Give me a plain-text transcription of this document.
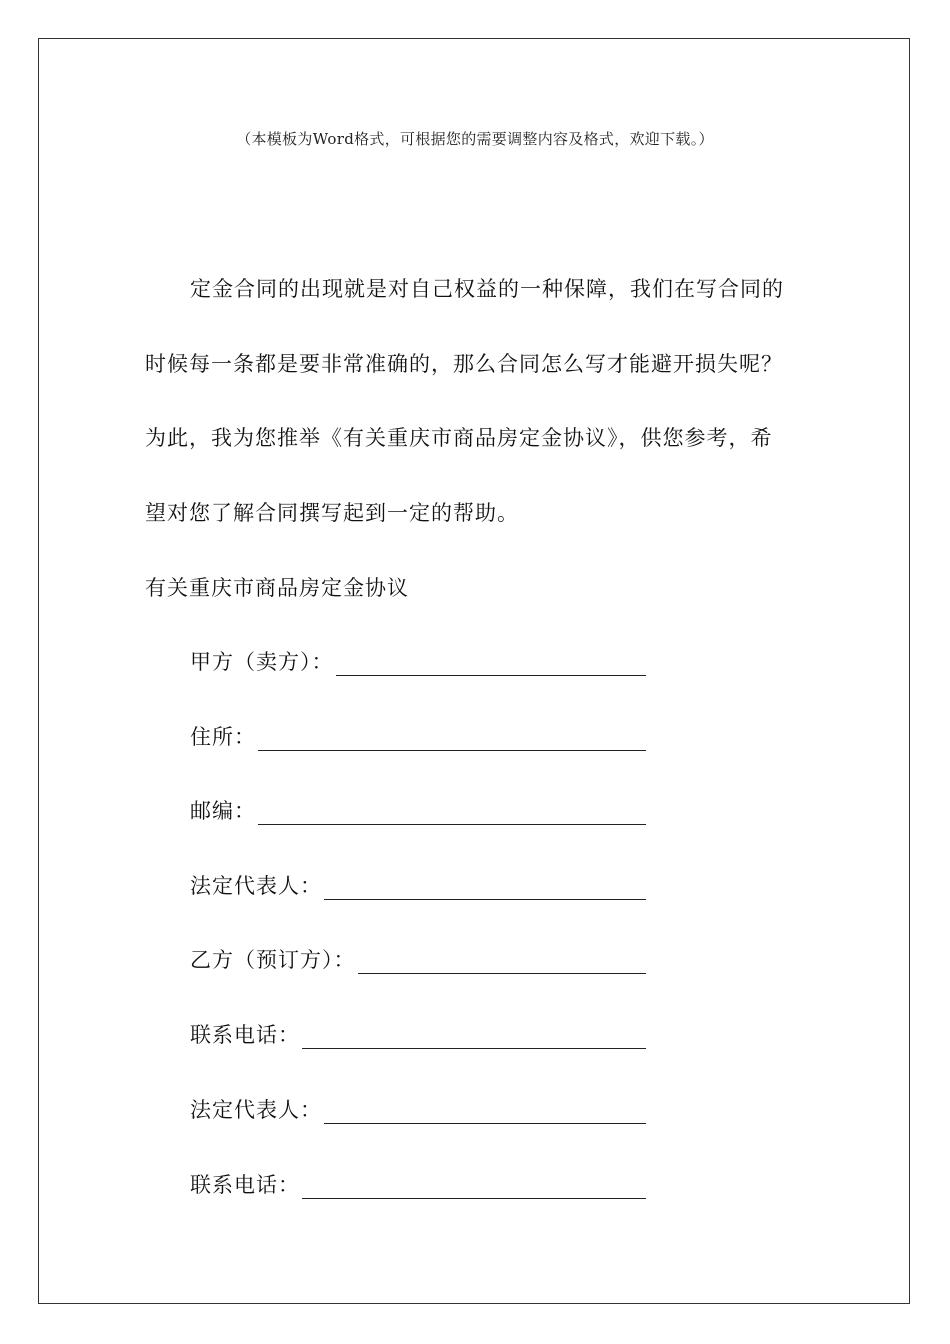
（本模板为Word格式，可根据您的需要调整内容及格式，欢迎下载。）
定金合同的出现就是对自己权益的一种保障，我们在写合同的
时候每一条都是要非常准确的，那么合同怎么写才能避开损失呢？
为此，我为您推举《有关重庆市商品房定金协议》，供您参考，希
望对您了解合同撰写起到一定的帮助。
有关重庆市商品房定金协议
甲方（卖方）：
住所：
邮编：
法定代表人：
乙方（预订方）：
联系电话：
法定代表人：
联系电话：
